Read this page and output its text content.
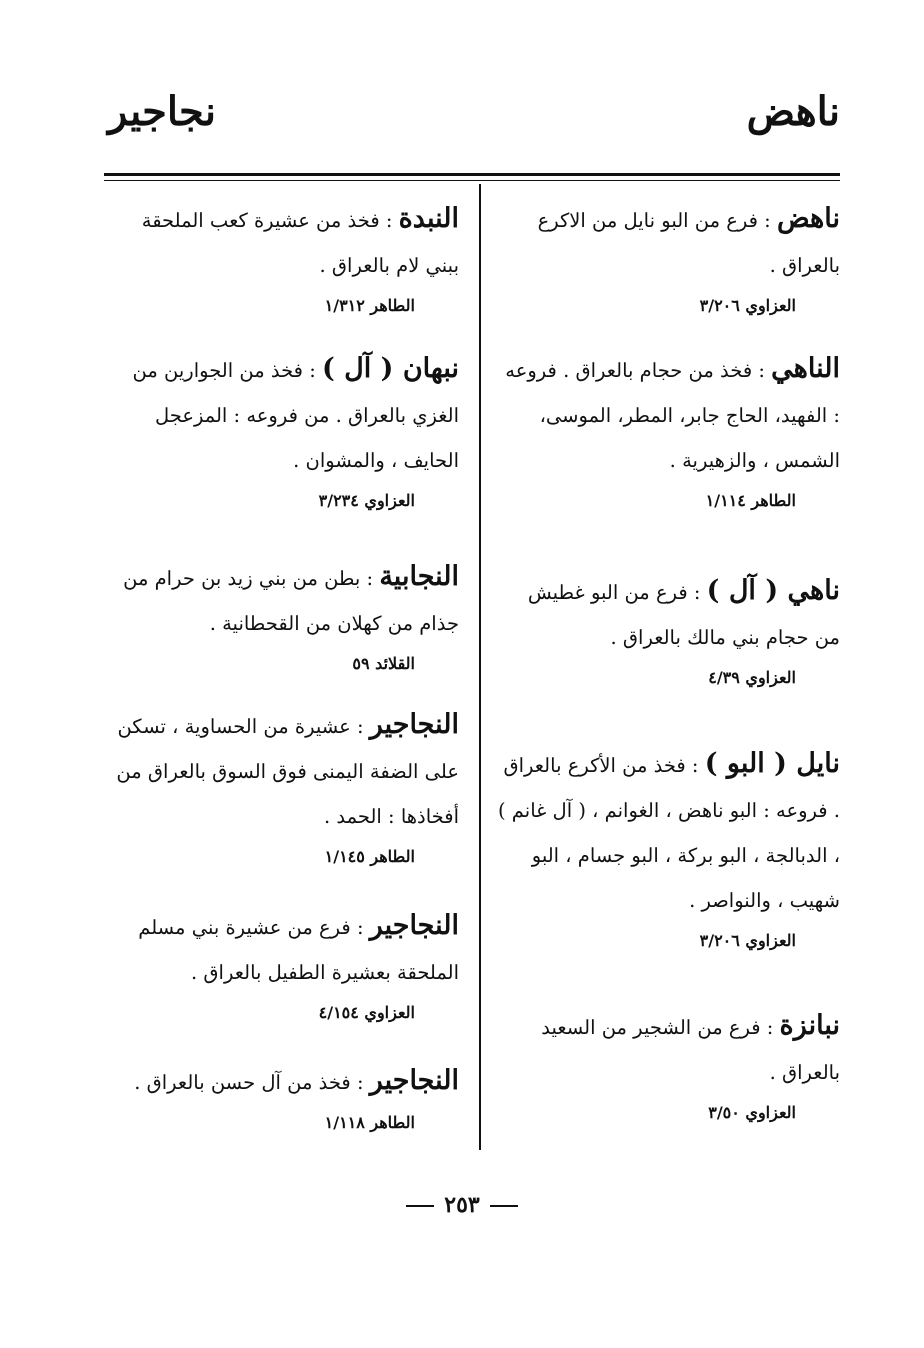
ناهض
نجاجير

ناهض : فرع من البو نايل من الاكرع بالعراق .

العزاوي ٣/٢٠٦

الناهي : فخذ من حجام بالعراق . فروعه : الفهيد، الحاج جابر، المطر، الموسى، الشمس ، والزهيرية .

الطاهر ١/١١٤

ناهي ( آل ) : فرع من البو غطيش من حجام بني مالك بالعراق .

العزاوي ٤/٣٩

نايل ( البو ) : فخذ من الأكرع بالعراق . فروعه : البو ناهض ، الغوانم ، ( آل غانم ) ، الدبالجة ، البو بركة ، البو جسام ، البو شهيب ، والنواصر .

العزاوي ٣/٢٠٦

نبانزة : فرع من الشجير من السعيد بالعراق .

العزاوي ٣/٥٠

النبدة : فخذ من عشيرة كعب الملحقة ببني لام بالعراق .

الطاهر ١/٣١٢

نبهان ( آل ) : فخذ من الجوارين من الغزي بالعراق . من فروعه : المزعجل الحايف ، والمشوان .

العزاوي ٣/٢٣٤

النجابية : بطن من بني زيد بن حرام من جذام من كهلان من القحطانية .

القلائد ٥٩

النجاجير : عشيرة من الحساوية ، تسكن على الضفة اليمنى فوق السوق بالعراق من أفخاذها : الحمد .

الطاهر ١/١٤٥

النجاجير : فرع من عشيرة بني مسلم الملحقة بعشيرة الطفيل بالعراق .

العزاوي ٤/١٥٤

النجاجير : فخذ من آل حسن بالعراق .

الطاهر ١/١١٨

٢٥٣
